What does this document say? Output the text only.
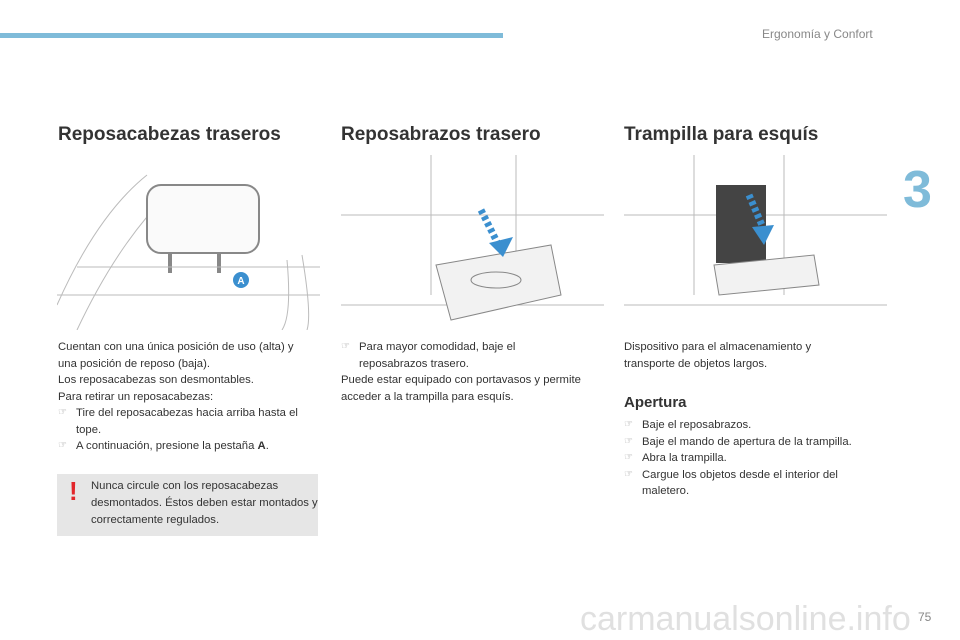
Ergonomía y Confort
3
Reposacabezas traseros	Reposabrazos trasero	Trampilla para esquís
A
Cuentan con una única posición de uso (alta) y
una posición de reposo (baja).
Los reposacabezas son desmontables.
Para retirar un reposacabezas:
☞ Tire del reposacabezas hacia arriba hasta el tope.
☞ A continuación, presione la pestaña A.
! Nunca circule con los reposacabezas desmontados. Éstos deben estar montados y correctamente regulados.
☞ Para mayor comodidad, baje el reposabrazos trasero.
Puede estar equipado con portavasos y permite acceder a la trampilla para esquís.
Dispositivo para el almacenamiento y transporte de objetos largos.
Apertura
☞ Baje el reposabrazos.
☞ Baje el mando de apertura de la trampilla.
☞ Abra la trampilla.
☞ Cargue los objetos desde el interior del maletero.
carmanualsonline.info 75
